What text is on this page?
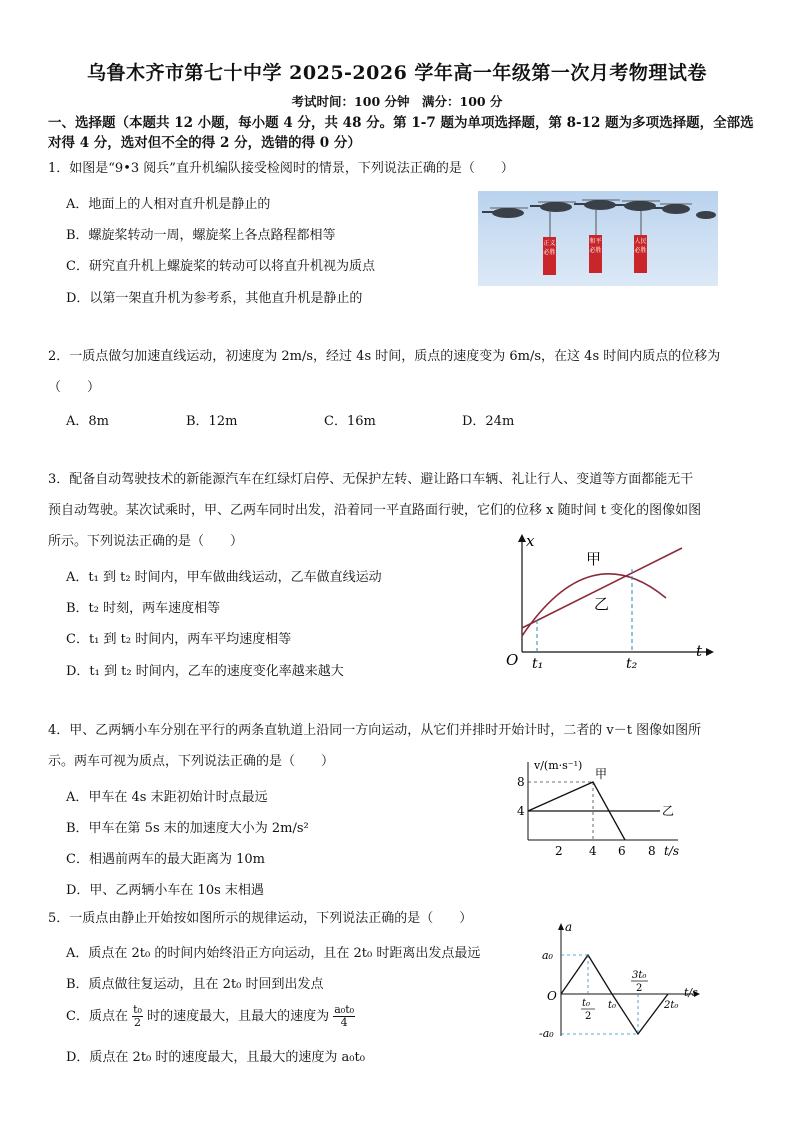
乌鲁木齐市第七十中学 2025-2026 学年高一年级第一次月考物理试卷
考试时间：100 分钟　满分：100 分
一、选择题（本题共 12 小题，每小题 4 分，共 48 分。第 1-7 题为单项选择题，第 8-12 题为多项选择题，全部选对得 4 分，选对但不全的得 2 分，选错的得 0 分）
1．如图是“9•3 阅兵”直升机编队接受检阅时的情景，下列说法正确的是（　　）
A．地面上的人相对直升机是静止的
B．螺旋桨转动一周，螺旋桨上各点路程都相等
C．研究直升机上螺旋桨的转动可以将直升机视为质点
D．以第一架直升机为参考系，其他直升机是静止的
正义必胜
和平必胜
人民必胜
2．一质点做匀加速直线运动，初速度为 2m/s，经过 4s 时间，质点的速度变为 6m/s，在这 4s 时间内质点的位移为（　　）
A．8m	B．12m	C．16m	D．24m
3．配备自动驾驶技术的新能源汽车在红绿灯启停、无保护左转、避让路口车辆、礼让行人、变道等方面都能无干
预自动驾驶。某次试乘时，甲、乙两车同时出发，沿着同一平直路面行驶，它们的位移 x 随时间 t 变化的图像如图
所示。下列说法正确的是（　　）
A．t₁ 到 t₂ 时间内，甲车做曲线运动，乙车做直线运动
B．t₂ 时刻，两车速度相等
C．t₁ 到 t₂ 时间内，两车平均速度相等
D．t₁ 到 t₂ 时间内，乙车的速度变化率越来越大
x
t
O t₁	t₂
甲
乙
4．甲、乙两辆小车分别在平行的两条直轨道上沿同一方向运动，从它们并排时开始计时，二者的 v－t 图像如图所
示。两车可视为质点，下列说法正确的是（　　）
A．甲车在 4s 末距初始计时点最远
B．甲车在第 5s 末的加速度大小为 2m/s²
C．相遇前两车的最大距离为 10m
D．甲、乙两辆小车在 10s 末相遇
v/(m·s⁻¹)
甲
乙
8
4
2 4 6 8 t/s
5．一质点由静止开始按如图所示的规律运动，下列说法正确的是（　　）
A．质点在 2t₀ 的时间内始终沿正方向运动，且在 2t₀ 时距离出发点最远
B．质点做往复运动，且在 2t₀ 时回到出发点
C．质点在 $\frac{\text{t₀}}{2}$ 时的速度最大，且最大的速度为 $\frac{\text{a₀t₀}}{4}$
D．质点在 2t₀ 时的速度最大，且最大的速度为 a₀t₀
a
a₀
-a₀
O
t₀
2
t₀
3t₀
2
2t₀
t/s
